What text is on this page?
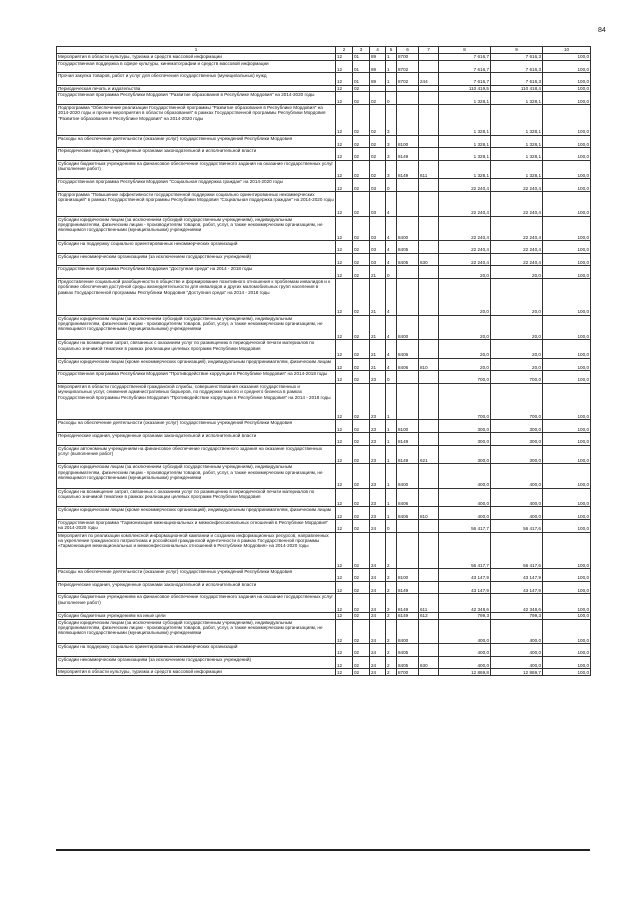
84
1	2	3	4	5	6	7	8	9	10
Мероприятия в области культуры, туризма и средств массовой информации	12	01	89	1	8700		7 616,7	7 616,3	100,0
Государственная поддержка в сфере культуры, кинематографии и средств массовой информации	12	01	89	1	8702		7 616,7	7 616,3	100,0
Прочая закупка товаров, работ и услуг для обеспечения государственных (муниципальных) нужд	12	01	89	1	8702	244	7 616,7	7 616,3	100,0
Периодическая печать и издательства	12	02					110 419,5	110 418,4	100,0
Государственная программа Республики Мордовия "Развитие образования в Республике Мордовия" на 2014-2020 годы	12	02	02	0			1 328,1	1 328,1	100,0
Подпрограмма "Обеспечение реализации Государственной программы "Развитие образования в Республике Мордовия" на 2014-2020 годы и прочие мероприятия в области образования" в рамках Государственной программы Республики Мордовия "Развитие образования в Республике Мордовия" на 2014-2020 годы	12	02	02	3			1 328,1	1 328,1	100,0
Расходы на обеспечение деятельности (оказание услуг) государственных учреждений Республики Мордовия	12	02	02	3	8100		1 328,1	1 328,1	100,0
Периодические издания, учрежденные органами законодательной и исполнительной власти	12	02	02	3	8149		1 328,1	1 328,1	100,0
Субсидии бюджетным учреждениям на финансовое обеспечение государственного задания на оказание государственных услуг (выполнение работ)	12	02	02	3	8149	611	1 328,1	1 328,1	100,0
Государственная программа Республики Мордовия "Социальная поддержка граждан" на 2014-2020 годы	12	02	03	0			22 240,4	22 240,4	100,0
Подпрограмма "Повышение эффективности государственной поддержки социально ориентированных некоммерческих организаций" в рамках Государственной программы Республики Мордовия "Социальная поддержка граждан" на 2014-2020 годы	12	02	03	4			22 240,4	22 240,4	100,0
Субсидии юридическим лицам (за исключением субсидий государственным учреждениям), индивидуальным предпринимателям, физическим лицам - производителям товаров, работ, услуг, а также некоммерческим организациям, не являющимся государственными (муниципальными) учреждениями	12	02	03	4	8400		22 240,4	22 240,4	100,0
Субсидии на поддержку социально ориентированных некоммерческих организаций	12	02	03	4	8405		22 240,4	22 240,4	100,0
Субсидии некоммерческим организациям (за исключением государственных учреждений)	12	02	03	4	8405	630	22 240,4	22 240,4	100,0
Государственная программа Республики Мордовия "Доступная среда" на 2014 - 2018 годы	12	02	21	0			20,0	20,0	100,0
Предоставление социальной разобщенности в обществе и формирование позитивного отношения к проблемам инвалидов и к проблеме обеспечения доступной среды жизнедеятельности для инвалидов и других маломобильных групп населения в рамках Государственной программы Республики Мордовия "Доступная среда" на 2014 - 2018 годы	12	02	21	4			20,0	20,0	100,0
Субсидии юридическим лицам (за исключением субсидий государственным учреждениям), индивидуальным предпринимателям, физическим лицам - производителям товаров, работ, услуг, а также некоммерческим организациям, не являющимся государственными (муниципальными) учреждениями	12	02	21	4	8400		20,0	20,0	100,0
Субсидии на возмещение затрат, связанных с оказанием услуг по размещению в периодической печати материалов по социально значимой тематике в рамках реализации целевых программ Республики Мордовия	12	02	21	4	8406		20,0	20,0	100,0
Субсидии юридическим лицам (кроме некоммерческих организаций), индивидуальным предпринимателям, физическим лицам	12	02	21	4	8406	810	20,0	20,0	100,0
Государственная программа Республики Мордовия "Противодействие коррупции в Республике Мордовия" на 2014-2018 годы	12	02	23	0			700,0	700,0	100,0
Мероприятия в области государственной гражданской службы, совершенствования оказания государственных и муниципальных услуг, снижения административных барьеров, по поддержке малого и среднего бизнеса в рамках Государственной программы Республики Мордовия "Противодействие коррупции в Республике Мордовия" на 2014 - 2018 годы	12	02	23	1			700,0	700,0	100,0
Расходы на обеспечение деятельности (оказание услуг) государственных учреждений Республики Мордовия	12	02	23	1	8100		300,0	300,0	100,0
Периодические издания, учрежденные органами законодательной и исполнительной власти	12	02	23	1	8149		300,0	300,0	100,0
Субсидии автономным учреждениям на финансовое обеспечение государственного задания на оказание государственных услуг (выполнение работ)	12	02	23	1	8149	621	300,0	300,0	100,0
Субсидии юридическим лицам (за исключением субсидий государственным учреждениям), индивидуальным предпринимателям, физическим лицам - производителям товаров, работ, услуг, а также некоммерческим организациям, не являющимся государственными (муниципальными) учреждениями	12	02	23	1	8400		400,0	400,0	100,0
Субсидии на возмещение затрат, связанных с оказанием услуг по размещению в периодической печати материалов по социально значимой тематике в рамках реализации целевых программ Республики Мордовия	12	02	23	1	8406		400,0	400,0	100,0
Субсидии юридическим лицам (кроме некоммерческих организаций), индивидуальным предпринимателям, физическим лицам	12	02	23	1	8406	810	400,0	400,0	100,0
Государственная программа "Гармонизация межнациональных и межконфессиональных отношений в Республике Мордовия" на 2014-2020 годы	12	02	24	0			56 417,7	56 417,6	100,0
Мероприятия по реализации комплексной информационной кампании и созданию информационных ресурсов, направленных на укрепление гражданского патриотизма и российской гражданской идентичности в рамках Государственной программы «Гармонизация межнациональных и межконфессиональных отношений в Республике Мордовия» на 2014-2020 годы	12	02	24	2			56 417,7	56 417,6	100,0
Расходы на обеспечение деятельности (оказание услуг) государственных учреждений Республики Мордовия	12	02	24	2	8100		43 147,9	43 147,9	100,0
Периодические издания, учрежденные органами законодательной и исполнительной власти	12	02	24	2	8149		43 147,9	43 147,9	100,0
Субсидии бюджетным учреждениям на финансовое обеспечение государственного задания на оказание государственных услуг (выполнение работ)	12	02	24	2	8149	611	42 348,6	42 348,6	100,0
Субсидии бюджетным учреждениям на иные цели	12	02	24	2	8149	612	799,3	799,3	100,0
Субсидии юридическим лицам (за исключением субсидий государственным учреждениям), индивидуальным предпринимателям, физическим лицам - производителям товаров, работ, услуг, а также некоммерческим организациям, не являющимся государственными (муниципальными) учреждениями	12	02	24	2	8400		400,0	400,0	100,0
Субсидии на поддержку социально ориентированных некоммерческих организаций	12	02	24	2	8405		400,0	400,0	100,0
Субсидии некоммерческим организациям (за исключением государственных учреждений)	12	02	24	2	8405	630	400,0	400,0	100,0
Мероприятия в области культуры, туризма и средств массовой информации	12	02	24	2	8700		12 869,8	12 869,7	100,0
